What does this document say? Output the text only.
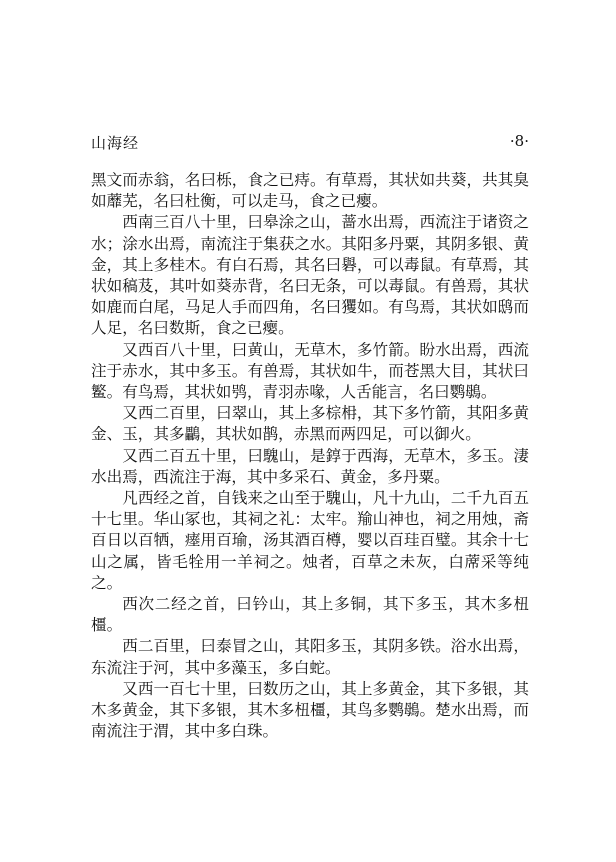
山海经	·8·

黑文而赤翁，名曰栎，食之已痔。有草焉，其状如共葵，共其臭如蘼芜，名曰杜衡，可以走马，食之已瘿。

西南三百八十里，曰皋涂之山，蔷水出焉，西流注于诸资之水；涂水出焉，南流注于集获之水。其阳多丹粟，其阴多银、黄金，其上多桂木。有白石焉，其名曰礜，可以毒鼠。有草焉，其状如稿芨，其叶如葵赤背，名曰无条，可以毒鼠。有兽焉，其状如鹿而白尾，马足人手而四角，名曰玃如。有鸟焉，其状如鸱而人足，名曰数斯，食之已瘿。

又西百八十里，曰黄山，无草木，多竹箭。盼水出焉，西流注于赤水，其中多玉。有兽焉，其状如牛，而苍黑大目，其状曰鳘。有鸟焉，其状如鸮，青羽赤喙，人舌能言，名曰鹦䳇。

又西二百里，曰翠山，其上多棕枏，其下多竹箭，其阳多黄金、玉，其多鸓，其状如鹊，赤黑而两四足，可以御火。

又西二百五十里，曰騩山，是錞于西海，无草木，多玉。淒水出焉，西流注于海，其中多采石、黄金，多丹粟。

凡西经之首，自钱来之山至于騩山，凡十九山，二千九百五十七里。华山冢也，其祠之礼：太牢。羭山神也，祠之用烛，斋百日以百牺，瘗用百瑜，汤其酒百樽，婴以百珪百璧。其余十七山之属，皆毛牷用一羊祠之。烛者，百草之未灰，白蓆采等纯之。

西次二经之首，曰钤山，其上多铜，其下多玉，其木多杻橿。

西二百里，曰泰冒之山，其阳多玉，其阴多铁。浴水出焉，东流注于河，其中多藻玉，多白蛇。

又西一百七十里，曰数历之山，其上多黄金，其下多银，其木多黄金，其下多银，其木多杻橿，其鸟多鹦䳇。楚水出焉，而南流注于渭，其中多白珠。
